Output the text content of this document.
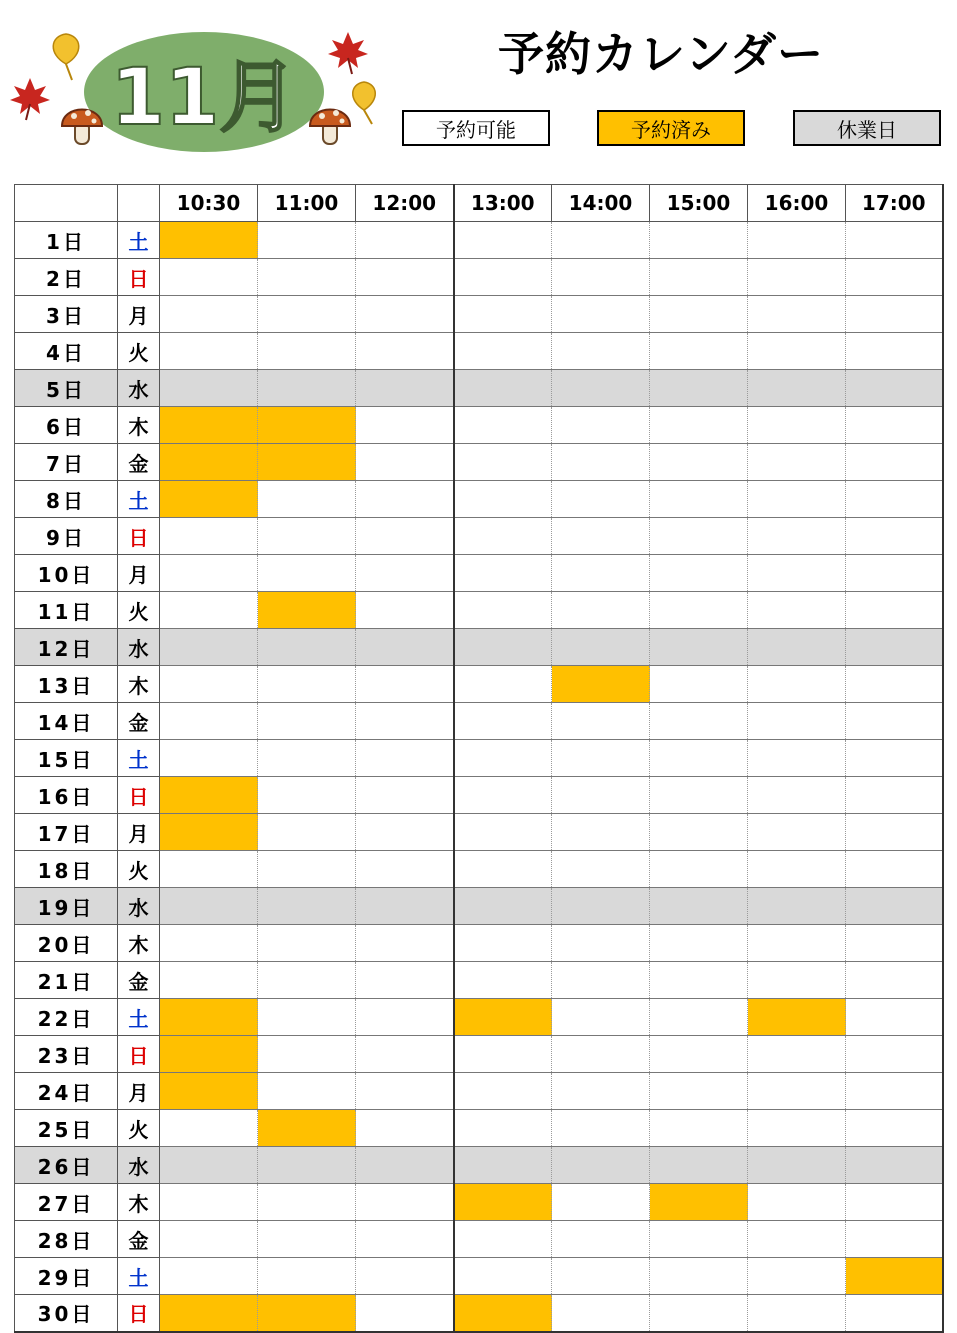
11月	予約カレンダー
予約可能	予約済み	休業日
		10:30	11:00	12:00	13:00	14:00	15:00	16:00	17:00
1日	土								
2日	日								
3日	月								
4日	火								
5日	水								
6日	木								
7日	金								
8日	土								
9日	日								
10日	月								
11日	火								
12日	水								
13日	木								
14日	金								
15日	土								
16日	日								
17日	月								
18日	火								
19日	水								
20日	木								
21日	金								
22日	土								
23日	日								
24日	月								
25日	火								
26日	水								
27日	木								
28日	金								
29日	土								
30日	日								
